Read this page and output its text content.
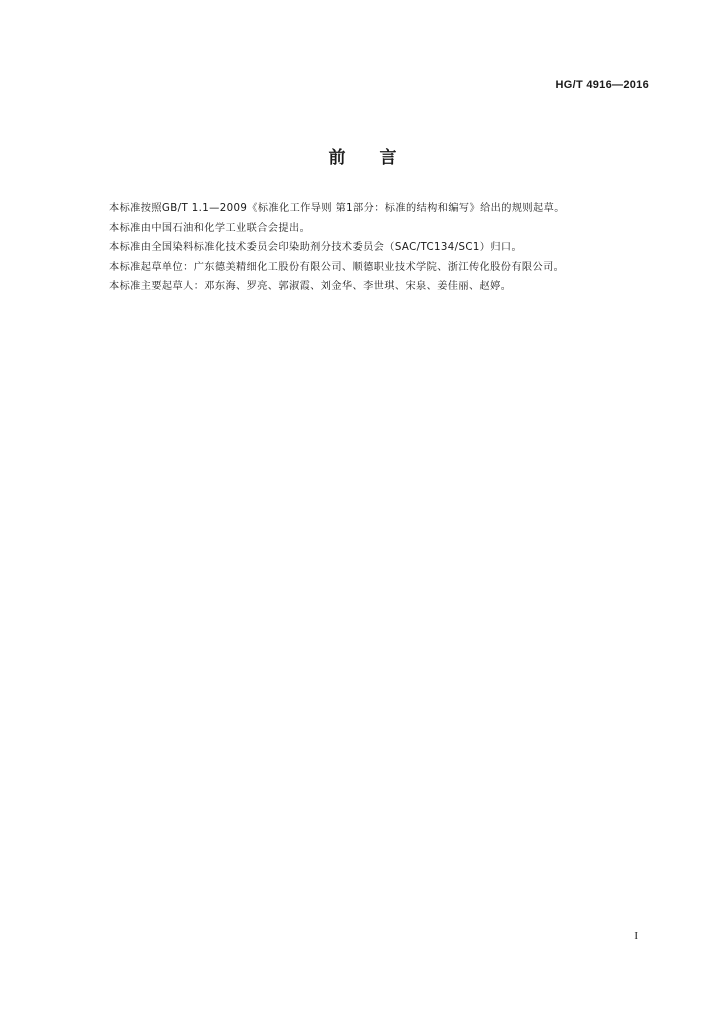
HG/T 4916—2016
前言

本标准按照GB/T 1.1—2009《标准化工作导则 第1部分：标准的结构和编写》给出的规则起草。

本标准由中国石油和化学工业联合会提出。

本标准由全国染料标准化技术委员会印染助剂分技术委员会（SAC/TC134/SC1）归口。

本标准起草单位：广东德美精细化工股份有限公司、顺德职业技术学院、浙江传化股份有限公司。

本标准主要起草人：邓东海、罗亮、郭淑霞、刘金华、李世琪、宋泉、姜佳丽、赵婷。

I
